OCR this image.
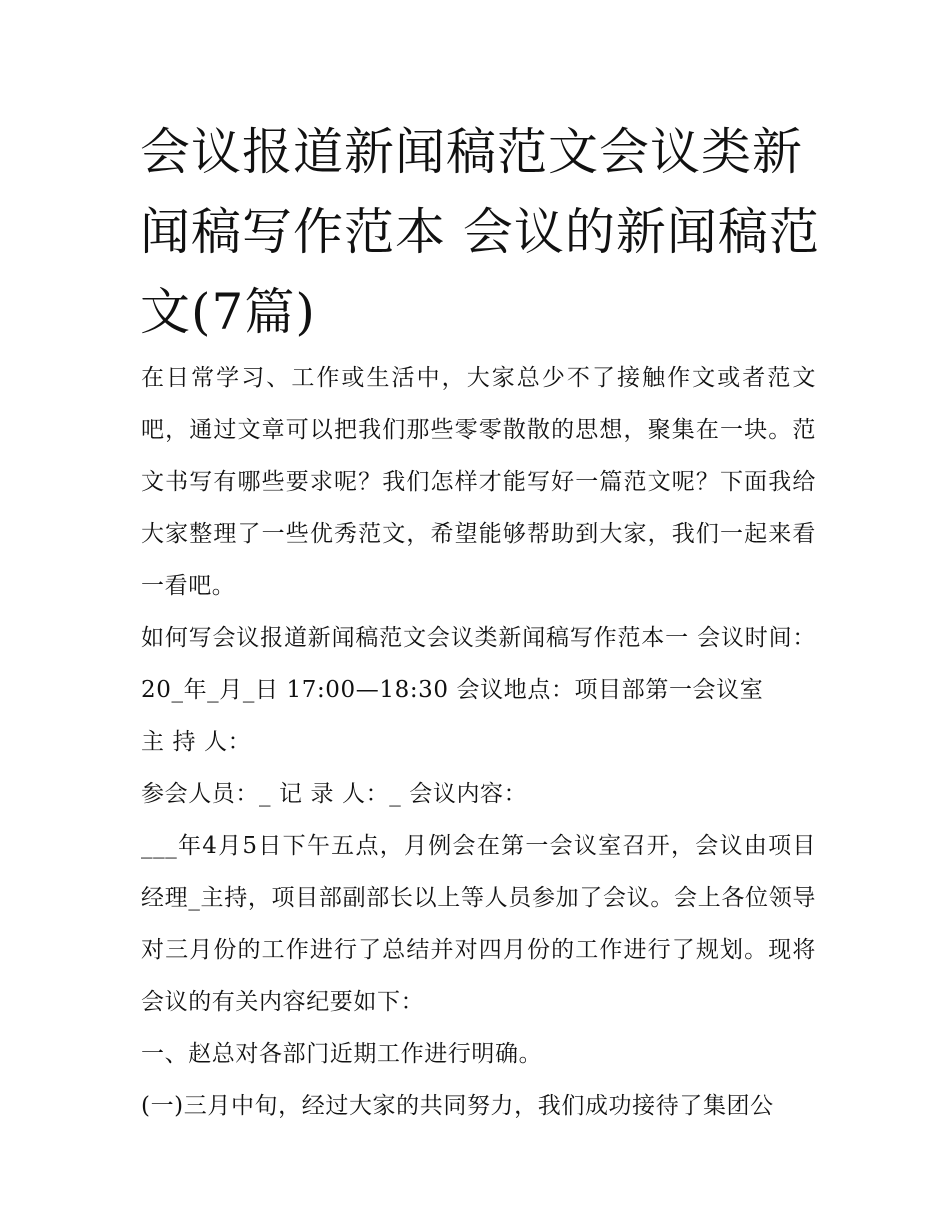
会议报道新闻稿范文会议类新闻稿写作范本 会议的新闻稿范文(7篇)

在日常学习、工作或生活中，大家总少不了接触作文或者范文吧，通过文章可以把我们那些零零散散的思想，聚集在一块。范文书写有哪些要求呢？我们怎样才能写好一篇范文呢？下面我给大家整理了一些优秀范文，希望能够帮助到大家，我们一起来看一看吧。

如何写会议报道新闻稿范文会议类新闻稿写作范本一 会议时间：20_年_月_日 17:00—18:30 会议地点：项目部第一会议室

主 持 人：

参会人员：_ 记 录 人：_ 会议内容：

___年4月5日下午五点，月例会在第一会议室召开，会议由项目经理_主持，项目部副部长以上等人员参加了会议。会上各位领导对三月份的工作进行了总结并对四月份的工作进行了规划。现将会议的有关内容纪要如下：

一、赵总对各部门近期工作进行明确。

(一)三月中旬，经过大家的共同努力，我们成功接待了集团公
